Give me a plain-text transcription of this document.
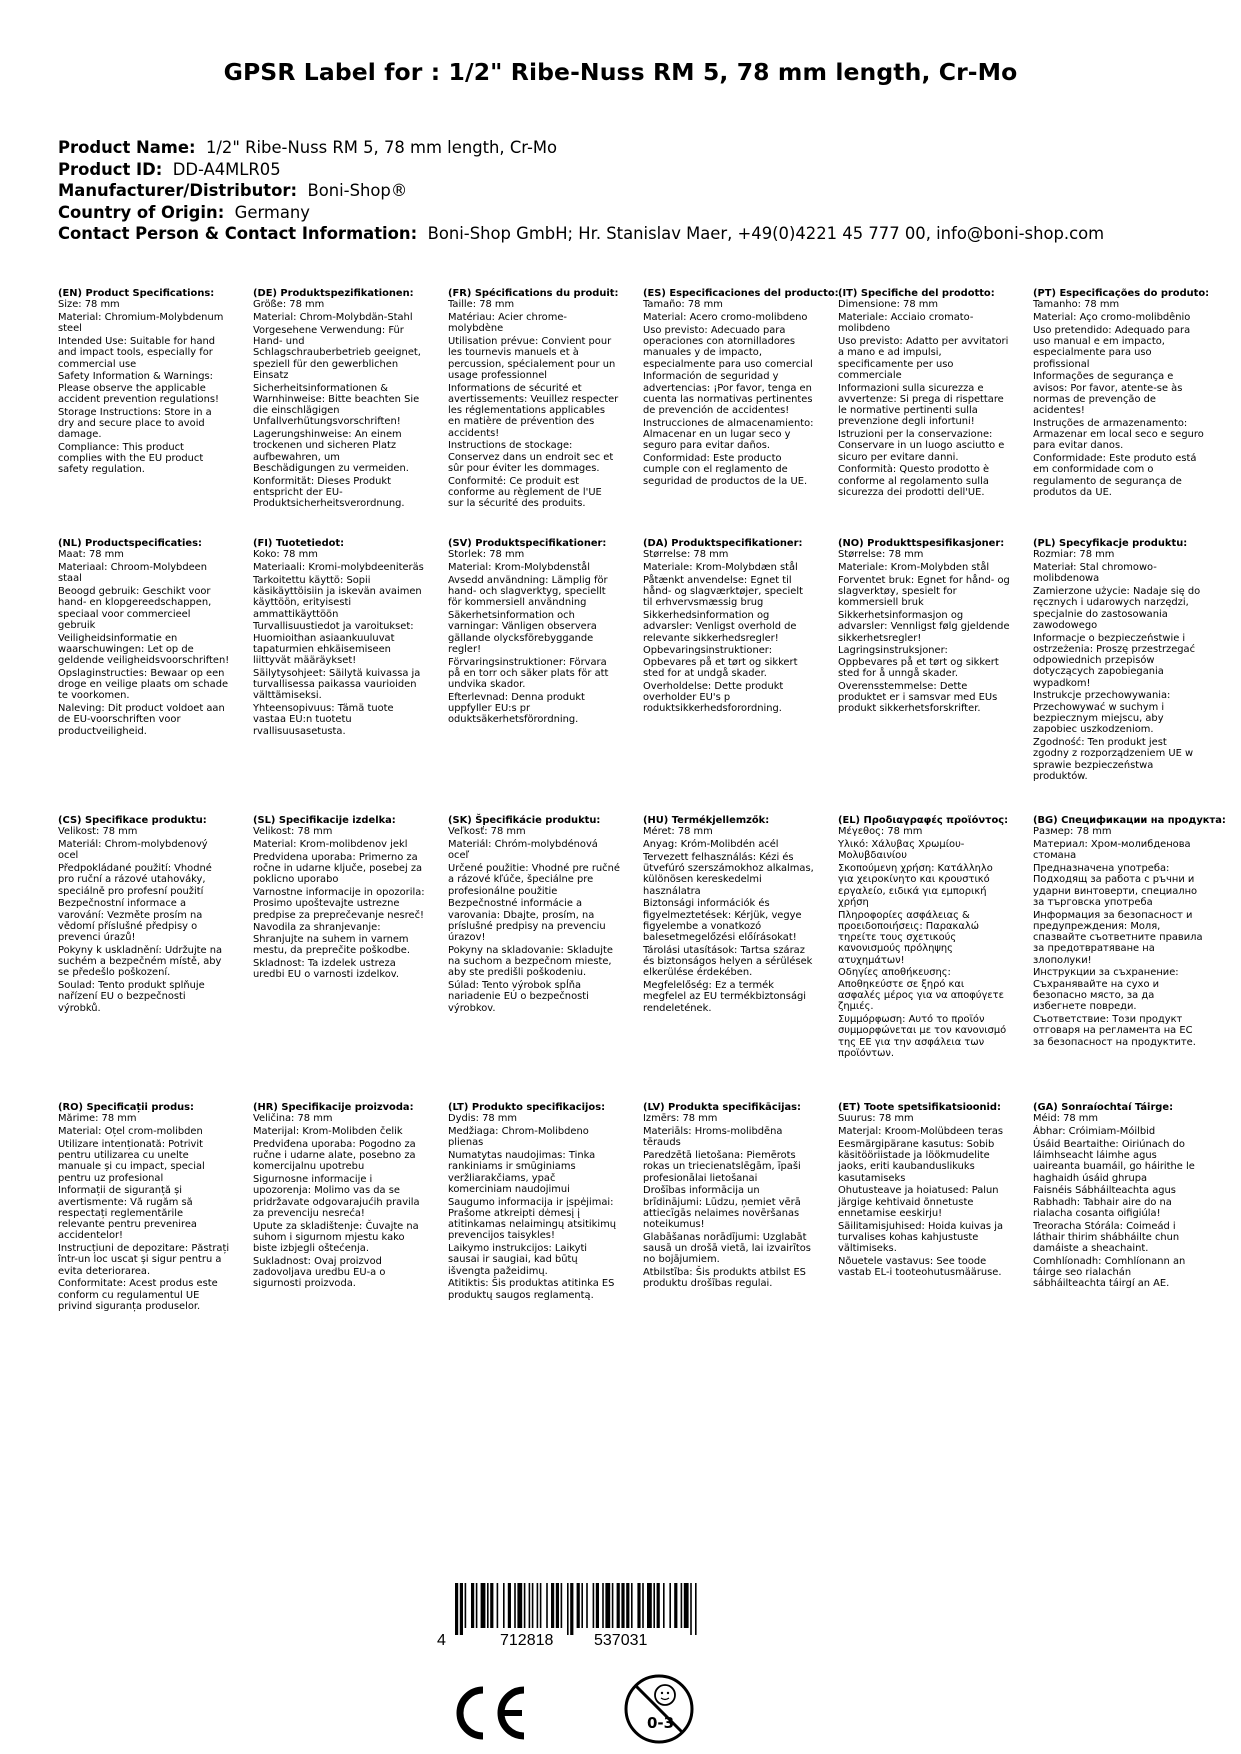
GPSR Label for : 1/2" Ribe-Nuss RM 5, 78 mm length, Cr-Mo
Product Name: 1/2" Ribe-Nuss RM 5, 78 mm length, Cr-Mo
Product ID: DD-A4MLR05
Manufacturer/Distributor: Boni-Shop®
Country of Origin: Germany
Contact Person & Contact Information: Boni-Shop GmbH; Hr. Stanislav Maer, +49(0)4221 45 777 00, info@boni-shop.com
(EN) Product Specifications:

Size: 78 mm

Material: Chromium-Molybdenum steel

Intended Use: Suitable for hand and impact tools, especially for commercial use

Safety Information & Warnings: Please observe the applicable accident prevention regulations!

Storage Instructions: Store in a dry and secure place to avoid damage.

Compliance: This product complies with the EU product safety regulation.

(DE) Produktspezifikationen:

Größe: 78 mm

Material: Chrom-Molybdän-Stahl

Vorgesehene Verwendung: Für Hand- und Schlagschrauberbetrieb geeignet, speziell für den gewerblichen Einsatz

Sicherheitsinformationen & Warnhinweise: Bitte beachten Sie die einschlägigen Unfallverhütungsvorschriften!

Lagerungshinweise: An einem trockenen und sicheren Platz aufbewahren, um Beschädigungen zu vermeiden.

Konformität: Dieses Produkt entspricht der EU-Produktsicherheitsverordnung.

(FR) Spécifications du produit:

Taille: 78 mm

Matériau: Acier chrome-molybdène

Utilisation prévue: Convient pour les tournevis manuels et à percussion, spécialement pour un usage professionnel

Informations de sécurité et avertissements: Veuillez respecter les réglementations applicables en matière de prévention des accidents!

Instructions de stockage: Conservez dans un endroit sec et sûr pour éviter les dommages.

Conformité: Ce produit est conforme au règlement de l'UE sur la sécurité des produits.

(ES) Especificaciones del producto:

Tamaño: 78 mm

Material: Acero cromo-molibdeno

Uso previsto: Adecuado para operaciones con atornilladores manuales y de impacto, especialmente para uso comercial

Información de seguridad y advertencias: ¡Por favor, tenga en cuenta las normativas pertinentes de prevención de accidentes!

Instrucciones de almacenamiento: Almacenar en un lugar seco y seguro para evitar daños.

Conformidad: Este producto cumple con el reglamento de seguridad de productos de la UE.

(IT) Specifiche del prodotto:

Dimensione: 78 mm

Materiale: Acciaio cromato-molibdeno

Uso previsto: Adatto per avvitatori a mano e ad impulsi, specificamente per uso commerciale

Informazioni sulla sicurezza e avvertenze: Si prega di rispettare le normative pertinenti sulla prevenzione degli infortuni!

Istruzioni per la conservazione: Conservare in un luogo asciutto e sicuro per evitare danni.

Conformità: Questo prodotto è conforme al regolamento sulla sicurezza dei prodotti dell'UE.

(PT) Especificações do produto:

Tamanho: 78 mm

Material: Aço cromo-molibdênio

Uso pretendido: Adequado para uso manual e em impacto, especialmente para uso profissional

Informações de segurança e avisos: Por favor, atente-se às normas de prevenção de acidentes!

Instruções de armazenamento: Armazenar em local seco e seguro para evitar danos.

Conformidade: Este produto está em conformidade com o regulamento de segurança de produtos da UE.

(NL) Productspecificaties:

Maat: 78 mm

Materiaal: Chroom-Molybdeen staal

Beoogd gebruik: Geschikt voor hand- en klopgereedschappen, speciaal voor commercieel gebruik

Veiligheidsinformatie en waarschuwingen: Let op de geldende veiligheidsvoorschriften!

Opslaginstructies: Bewaar op een droge en veilige plaats om schade te voorkomen.

Naleving: Dit product voldoet aan de EU-voorschriften voor productveiligheid.

(FI) Tuotetiedot:

Koko: 78 mm

Materiaali: Kromi-molybdeeniteräs

Tarkoitettu käyttö: Sopii käsikäyttöisiin ja iskevän avaimen käyttöön, erityisesti ammattikäyttöön

Turvallisuustiedot ja varoitukset: Huomioithan asiaankuuluvat tapaturmien ehkäisemiseen liittyvät määräykset!

Säilytysohjeet: Säilytä kuivassa ja turvallisessa paikassa vaurioiden välttämiseksi.

Yhteensopivuus: Tämä tuote vastaa EU:n tuotetu rvallisuusasetusta.

(SV) Produktspecifikationer:

Storlek: 78 mm

Material: Krom-Molybdenstål

Avsedd användning: Lämplig för hand- och slagverktyg, speciellt för kommersiell användning

Säkerhetsinformation och varningar: Vänligen observera gällande olycksförebyggande regler!

Förvaringsinstruktioner: Förvara på en torr och säker plats för att undvika skador.

Efterlevnad: Denna produkt uppfyller EU:s pr oduktsäkerhetsförordning.

(DA) Produktspecifikationer:

Størrelse: 78 mm

Materiale: Krom-Molybdæn stål

Påtænkt anvendelse: Egnet til hånd- og slagværktøjer, specielt til erhvervsmæssig brug

Sikkerhedsinformation og advarsler: Venligst overhold de relevante sikkerhedsregler!

Opbevaringsinstruktioner: Opbevares på et tørt og sikkert sted for at undgå skader.

Overholdelse: Dette produkt overholder EU's p roduktsikkerhedsforordning.

(NO) Produkttspesifikasjoner:

Størrelse: 78 mm

Materiale: Krom-Molybden stål

Forventet bruk: Egnet for hånd- og slagverktøy, spesielt for kommersiell bruk

Sikkerhetsinformasjon og advarsler: Vennligst følg gjeldende sikkerhetsregler!

Lagringsinstruksjoner: Oppbevares på et tørt og sikkert sted for å unngå skader.

Overensstemmelse: Dette produktet er i samsvar med EUs produkt sikkerhetsforskrifter.

(PL) Specyfikacje produktu:

Rozmiar: 78 mm

Materiał: Stal chromowo-molibdenowa

Zamierzone użycie: Nadaje się do ręcznych i udarowych narzędzi, specjalnie do zastosowania zawodowego

Informacje o bezpieczeństwie i ostrzeżenia: Proszę przestrzegać odpowiednich przepisów dotyczących zapobiegania wypadkom!

Instrukcje przechowywania: Przechowywać w suchym i bezpiecznym miejscu, aby zapobiec uszkodzeniom.

Zgodność: Ten produkt jest zgodny z rozporządzeniem UE w sprawie bezpieczeństwa produktów.

(CS) Specifikace produktu:

Velikost: 78 mm

Materiál: Chrom-molybdenový ocel

Předpokládané použití: Vhodné pro ruční a rázové utahováky, speciálně pro profesní použití

Bezpečnostní informace a varování: Vezměte prosím na vědomí příslušné předpisy o prevenci úrazů!

Pokyny k uskladnění: Udržujte na suchém a bezpečném místě, aby se předešlo poškození.

Soulad: Tento produkt splňuje nařízení EU o bezpečnosti výrobků.

(SL) Specifikacije izdelka:

Velikost: 78 mm

Material: Krom-molibdenov jekl

Predvidena uporaba: Primerno za ročne in udarne ključe, posebej za poklicno uporabo

Varnostne informacije in opozorila: Prosimo upoštevajte ustrezne predpise za preprečevanje nesreč!

Navodila za shranjevanje: Shranjujte na suhem in varnem mestu, da preprečite poškodbe.

Skladnost: Ta izdelek ustreza uredbi EU o varnosti izdelkov.

(SK) Špecifikácie produktu:

Veľkosť: 78 mm

Materiál: Chróm-molybdénová oceľ

Určené použitie: Vhodné pre ručné a rázové kľúče, špeciálne pre profesionálne použitie

Bezpečnostné informácie a varovania: Dbajte, prosím, na príslušné predpisy na prevenciu úrazov!

Pokyny na skladovanie: Skladujte na suchom a bezpečnom mieste, aby ste predišli poškodeniu.

Súlad: Tento výrobok spĺňa nariadenie EÚ o bezpečnosti výrobkov.

(HU) Termékjellemzők:

Méret: 78 mm

Anyag: Króm-Molibdén acél

Tervezett felhasználás: Kézi és ütvefúró szerszámokhoz alkalmas, különösen kereskedelmi használatra

Biztonsági információk és figyelmeztetések: Kérjük, vegye figyelembe a vonatkozó balesetmegelőzési előírásokat!

Tárolási utasítások: Tartsa száraz és biztonságos helyen a sérülések elkerülése érdekében.

Megfelelőség: Ez a termék megfelel az EU termékbiztonsági rendeletének.

(EL) Προδιαγραφές προϊόντος:

Μέγεθος: 78 mm

Υλικό: Χάλυβας Χρωμίου-Μολυβδαινίου

Σκοπούμενη χρήση: Κατάλληλο για χειροκίνητο και κρουστικό εργαλείο, ειδικά για εμπορική χρήση

Πληροφορίες ασφάλειας & προειδοποιήσεις: Παρακαλώ τηρείτε τους σχετικούς κανονισμούς πρόληψης ατυχημάτων!

Οδηγίες αποθήκευσης: Αποθηκεύστε σε ξηρό και ασφαλές μέρος για να αποφύγετε ζημιές.

Συμμόρφωση: Αυτό το προϊόν συμμορφώνεται με τον κανονισμό της ΕΕ για την ασφάλεια των προϊόντων.

(BG) Спецификации на продукта:

Размер: 78 mm

Материал: Хром-молибденова стомана

Предназначена употреба: Подходящ за работа с ръчни и ударни винтоверти, специално за търговска употреба

Информация за безопасност и предупреждения: Моля, спазвайте съответните правила за предотвратяване на злополуки!

Инструкции за съхранение: Съхранявайте на сухо и безопасно място, за да избегнете повреди.

Съответствие: Този продукт отговаря на регламента на ЕС за безопасност на продуктите.

(RO) Specificații produs:

Mărime: 78 mm

Material: Oțel crom-molibden

Utilizare intenționată: Potrivit pentru utilizarea cu unelte manuale și cu impact, special pentru uz profesional

Informații de siguranță și avertismente: Vă rugăm să respectați reglementările relevante pentru prevenirea accidentelor!

Instrucțiuni de depozitare: Păstrați într-un loc uscat și sigur pentru a evita deteriorarea.

Conformitate: Acest produs este conform cu regulamentul UE privind siguranța produselor.

(HR) Specifikacije proizvoda:

Veličina: 78 mm

Materijal: Krom-Molibden čelik

Predviđena uporaba: Pogodno za ručne i udarne alate, posebno za komercijalnu upotrebu

Sigurnosne informacije i upozorenja: Molimo vas da se pridržavate odgovarajućih pravila za prevenciju nesreća!

Upute za skladištenje: Čuvajte na suhom i sigurnom mjestu kako biste izbjegli oštećenja.

Sukladnost: Ovaj proizvod zadovoljava uredbu EU-a o sigurnosti proizvoda.

(LT) Produkto specifikacijos:

Dydis: 78 mm

Medžiaga: Chrom-Molibdeno plienas

Numatytas naudojimas: Tinka rankiniams ir smūginiams veržliarakčiams, ypač komerciniam naudojimui

Saugumo informacija ir įspėjimai: Prašome atkreipti dėmesį į atitinkamas nelaimingų atsitikimų prevencijos taisykles!

Laikymo instrukcijos: Laikyti sausai ir saugiai, kad būtų išvengta pažeidimų.

Atitiktis: Šis produktas atitinka ES produktų saugos reglamentą.

(LV) Produkta specifikācijas:

Izmērs: 78 mm

Materiāls: Hroms-molibdēna tērauds

Paredzētā lietošana: Piemērots rokas un triecienatslēgām, īpaši profesionālai lietošanai

Drošības informācija un brīdinājumi: Lūdzu, ņemiet vērā attiecīgās nelaimes novēršanas noteikumus!

Glabāšanas norādījumi: Uzglabāt sausā un drošā vietā, lai izvairītos no bojājumiem.

Atbilstība: Šis produkts atbilst ES produktu drošības regulai.

(ET) Toote spetsifikatsioonid:

Suurus: 78 mm

Materjal: Kroom-Molübdeen teras

Eesmärgipärane kasutus: Sobib käsitööriistade ja löökmudelite jaoks, eriti kaubanduslikuks kasutamiseks

Ohutusteave ja hoiatused: Palun järgige kehtivaid õnnetuste ennetamise eeskirju!

Säilitamisjuhised: Hoida kuivas ja turvalises kohas kahjustuste vältimiseks.

Nõuetele vastavus: See toode vastab EL-i tooteohutusmääruse.

(GA) Sonraíochtaí Táirge:

Méid: 78 mm

Ábhar: Cróimiam-Móilbid

Úsáid Beartaithe: Oiriúnach do láimhseacht láimhe agus uaireanta buamáil, go háirithe le haghaidh úsáid ghrupa

Faisnéis Sábháilteachta agus Rabhadh: Tabhair aire do na rialacha cosanta oifigiúla!

Treoracha Stórála: Coimeád i láthair thirim shábháilte chun damáiste a sheachaint.

Comhlíonadh: Comhlíonann an táirge seo rialachán sábháilteachta táirgí an AE.

4	712818	537031
0-3
